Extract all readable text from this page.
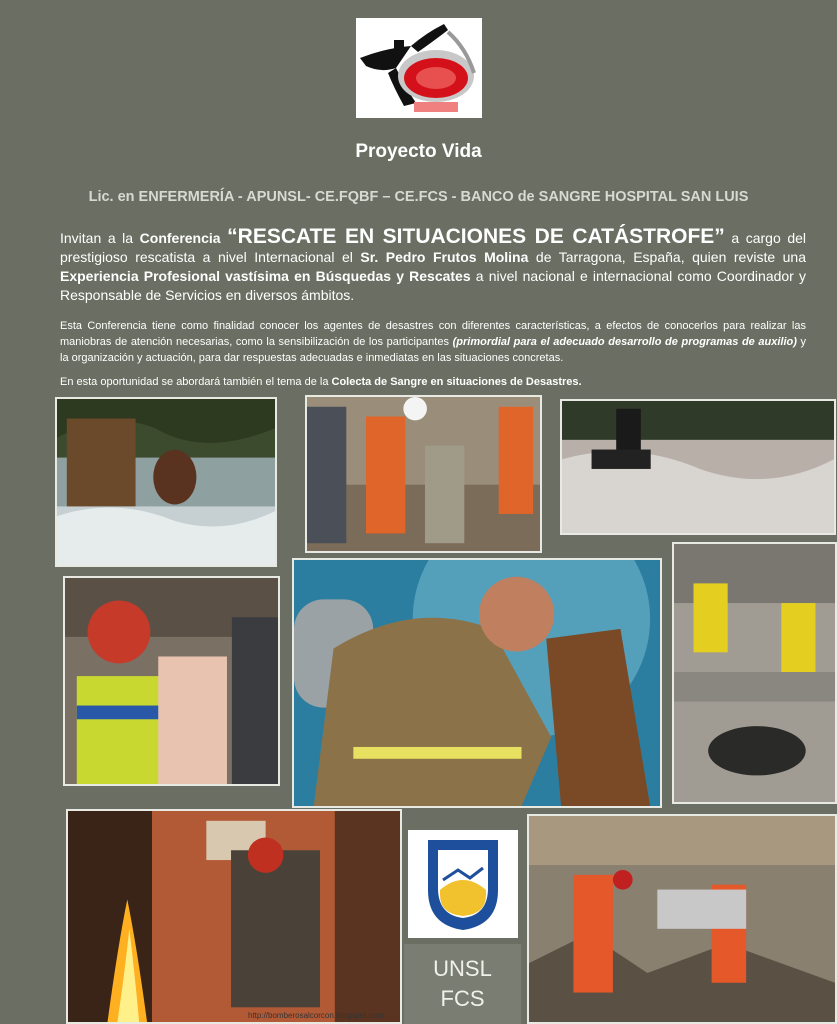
Proyecto Vida
Lic. en ENFERMERÍA - APUNSL- CE.FQBF – CE.FCS - BANCO de SANGRE HOSPITAL SAN LUIS
Invitan a la Conferencia “RESCATE EN SITUACIONES DE CATÁSTROFE” a cargo del prestigioso rescatista a nivel Internacional el Sr. Pedro Frutos Molina de Tarragona, España, quien reviste una Experiencia Profesional vastísima en Búsquedas y Rescates a nivel nacional e internacional como Coordinador y Responsable de Servicios en diversos ámbitos.
Esta Conferencia tiene como finalidad conocer los agentes de desastres con diferentes características, a efectos de conocerlos para realizar las maniobras de atención necesarias, como la sensibilización de los participantes (primordial para el adecuado desarrollo de programas de auxilio) y la organización y actuación, para dar respuestas adecuadas e inmediatas en las situaciones concretas.
En esta oportunidad se abordará también el tema de la Colecta de Sangre en situaciones de Desastres.
http://bomberosalcorcon.blogspot.com
UNSL
FCS
